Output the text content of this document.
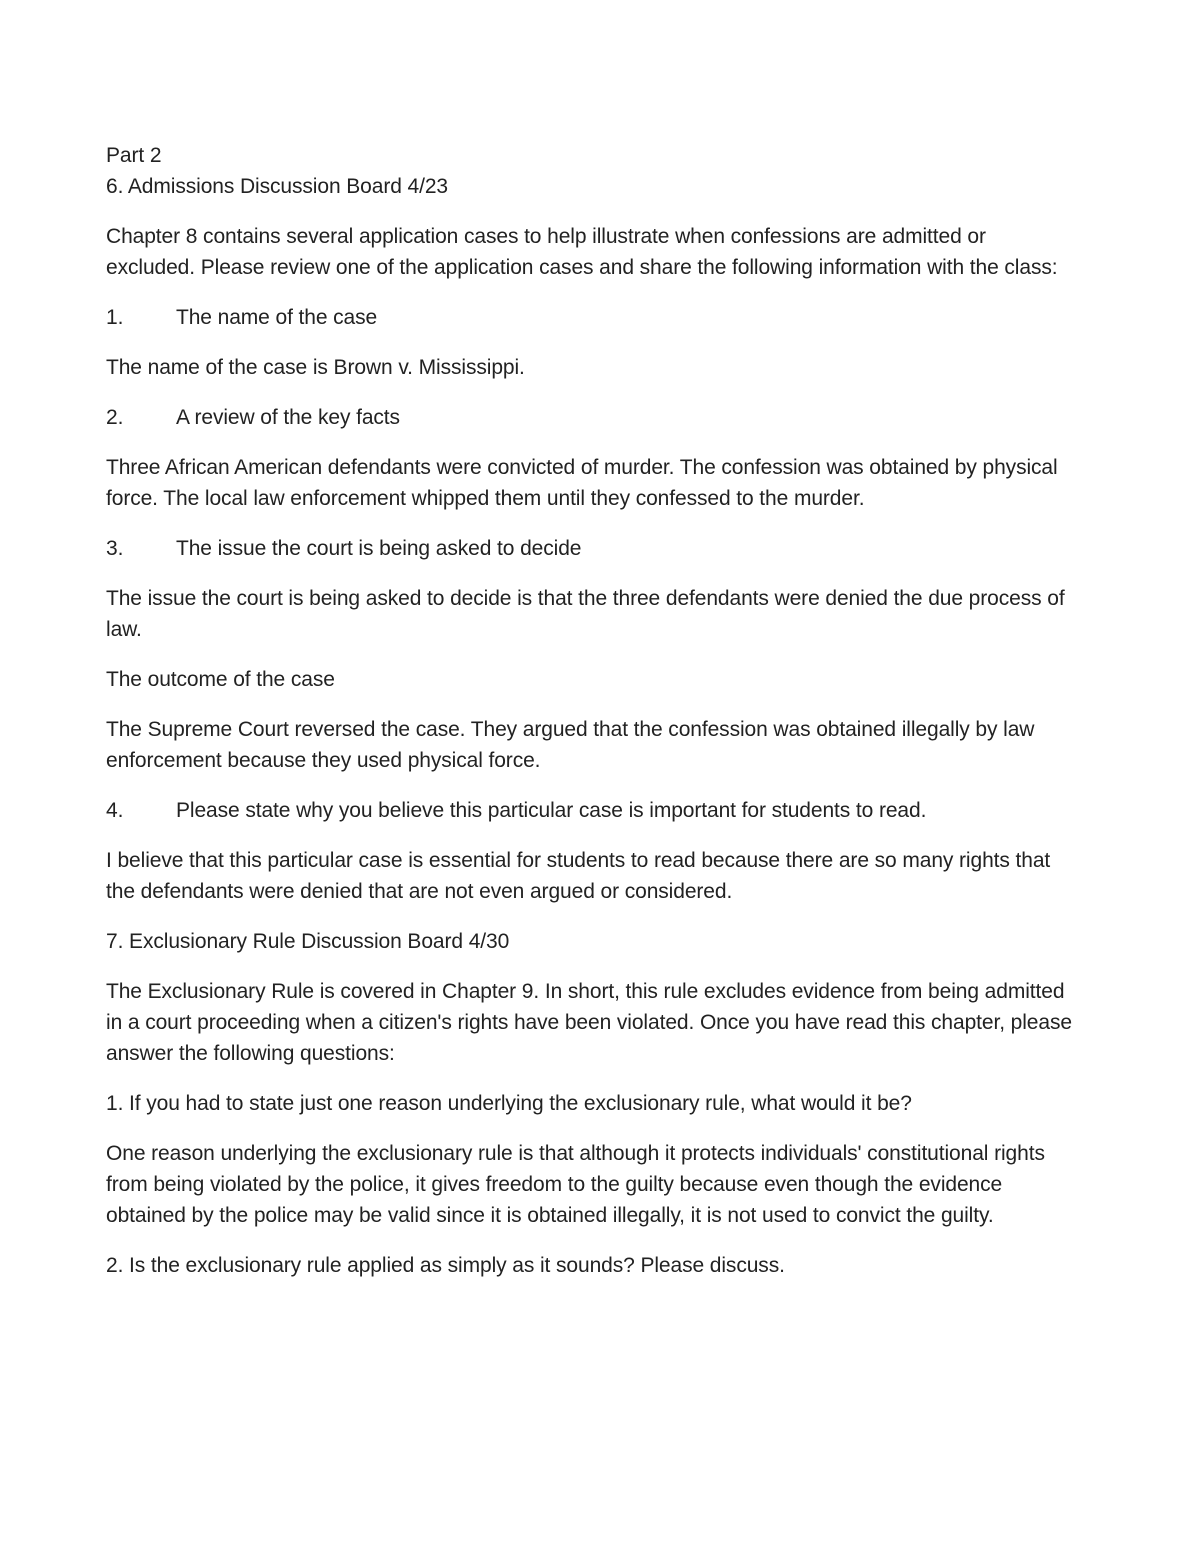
Part 2

6. Admissions Discussion Board 4/23

Chapter 8 contains several application cases to help illustrate when confessions are admitted or excluded. Please review one of the application cases and share the following information with the class:

1.	The name of the case

The name of the case is Brown v. Mississippi.

2.	A review of the key facts

Three African American defendants were convicted of murder. The confession was obtained by physical force. The local law enforcement whipped them until they confessed to the murder.

3.	The issue the court is being asked to decide

The issue the court is being asked to decide is that the three defendants were denied the due process of law.

The outcome of the case

The Supreme Court reversed the case. They argued that the confession was obtained illegally by law enforcement because they used physical force.

4.	Please state why you believe this particular case is important for students to read.

I believe that this particular case is essential for students to read because there are so many rights that the defendants were denied that are not even argued or considered.

7. Exclusionary Rule Discussion Board 4/30

The Exclusionary Rule is covered in Chapter 9. In short, this rule excludes evidence from being admitted in a court proceeding when a citizen's rights have been violated. Once you have read this chapter, please answer the following questions:

1. If you had to state just one reason underlying the exclusionary rule, what would it be?

One reason underlying the exclusionary rule is that although it protects individuals' constitutional rights from being violated by the police, it gives freedom to the guilty because even though the evidence obtained by the police may be valid since it is obtained illegally, it is not used to convict the guilty.

2. Is the exclusionary rule applied as simply as it sounds? Please discuss.
